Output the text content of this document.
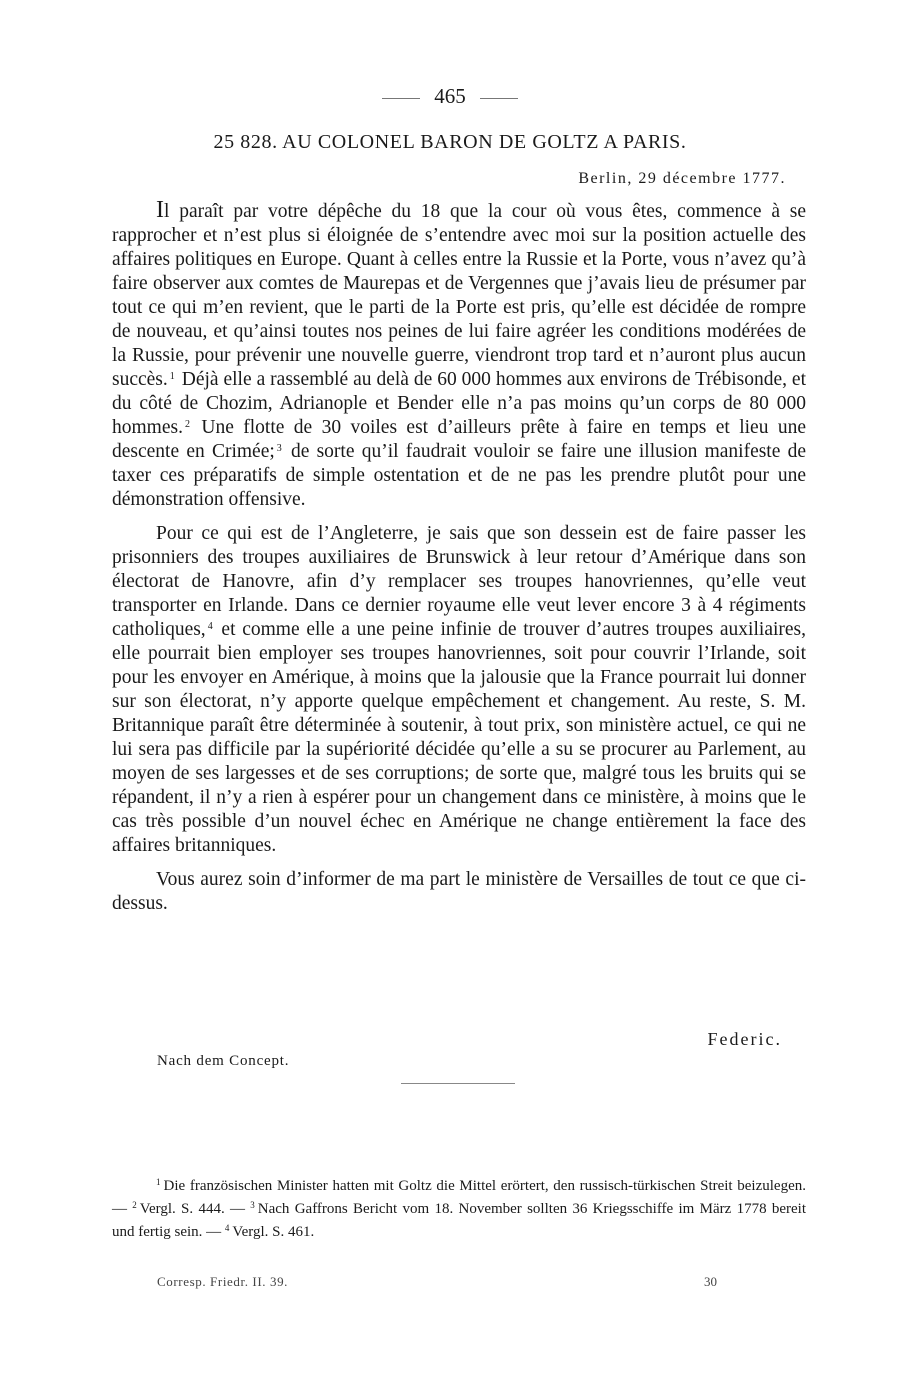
465
25 828. AU COLONEL BARON DE GOLTZ A PARIS.
Berlin, 29 décembre 1777.

Il paraît par votre dépêche du 18 que la cour où vous êtes, commence à se rapprocher et n’est plus si éloignée de s’entendre avec moi sur la position actuelle des affaires politiques en Europe. Quant à celles entre la Russie et la Porte, vous n’avez qu’à faire observer aux comtes de Maurepas et de Vergennes que j’avais lieu de présumer par tout ce qui m’en revient, que le parti de la Porte est pris, qu’elle est décidée de rompre de nouveau, et qu’ainsi toutes nos peines de lui faire agréer les conditions modérées de la Russie, pour prévenir une nouvelle guerre, viendront trop tard et n’auront plus aucun succès. $^1$ Déjà elle a rassemblé au delà de 60 000 hommes aux environs de Trébisonde, et du côté de Chozim, Adrianople et Bender elle n’a pas moins qu’un corps de 80 000 hommes. $^2$ Une flotte de 30 voiles est d’ailleurs prête à faire en temps et lieu une descente en Crimée; $^3$ de sorte qu’il faudrait vouloir se faire une illusion manifeste de taxer ces préparatifs de simple ostentation et de ne pas les prendre plutôt pour une démonstration offensive.

Pour ce qui est de l’Angleterre, je sais que son dessein est de faire passer les prisonniers des troupes auxiliaires de Brunswick à leur retour d’Amérique dans son électorat de Hanovre, afin d’y remplacer ses troupes hanovriennes, qu’elle veut transporter en Irlande. Dans ce dernier royaume elle veut lever encore 3 à 4 régiments catholiques, $^4$ et comme elle a une peine infinie de trouver d’autres troupes auxiliaires, elle pourrait bien employer ses troupes hanovriennes, soit pour couvrir l’Irlande, soit pour les envoyer en Amérique, à moins que la jalousie que la France pourrait lui donner sur son électorat, n’y apporte quelque empêchement et changement. Au reste, S. M. Britannique paraît être déterminée à soutenir, à tout prix, son ministère actuel, ce qui ne lui sera pas difficile par la supériorité décidée qu’elle a su se procurer au Parlement, au moyen de ses largesses et de ses corruptions; de sorte que, malgré tous les bruits qui se répandent, il n’y a rien à espérer pour un changement dans ce ministère, à moins que le cas très possible d’un nouvel échec en Amérique ne change entièrement la face des affaires britanniques.

Vous aurez soin d’informer de ma part le ministère de Versailles de tout ce que ci-dessus.

Federic.
Nach dem Concept.

$^1$ Die französischen Minister hatten mit Goltz die Mittel erörtert, den russisch-türkischen Streit beizulegen. — $^2$ Vergl. S. 444. — $^3$ Nach Gaffrons Bericht vom 18. November sollten 36 Kriegsschiffe im März 1778 bereit und fertig sein. — $^4$ Vergl. S. 461.

Corresp. Friedr. II. 39.	30
